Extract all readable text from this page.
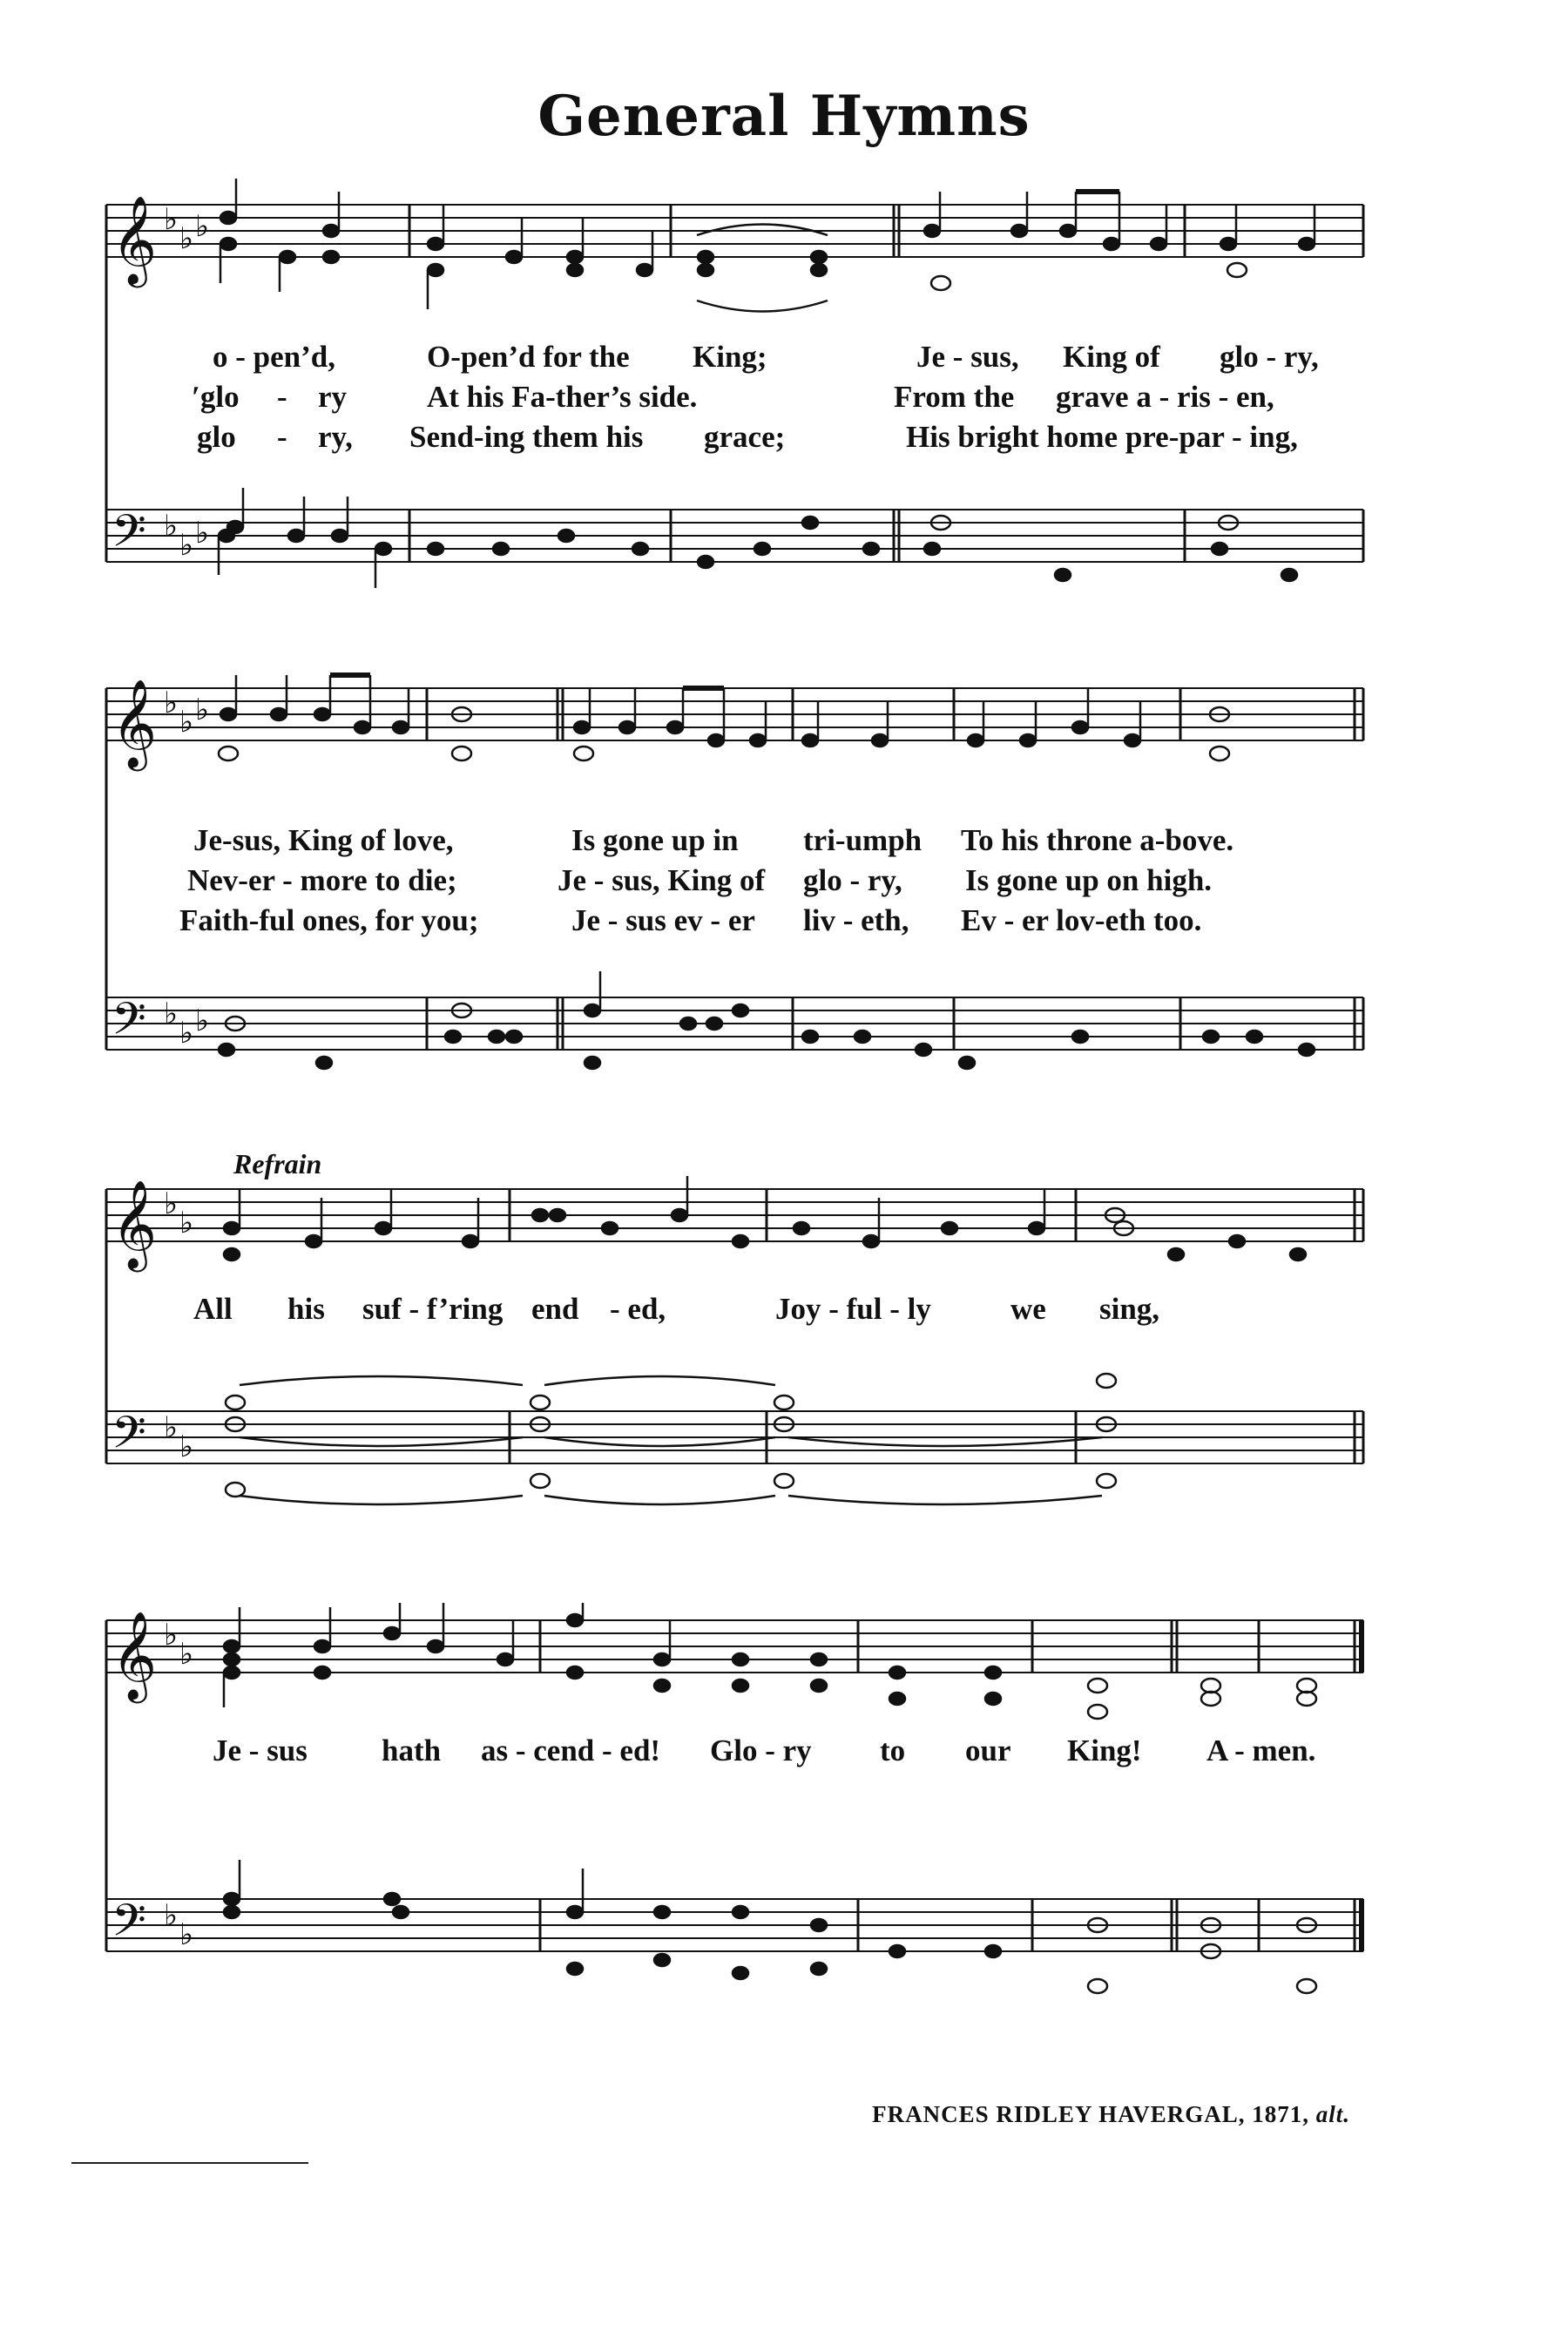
General Hymns
𝄞
𝄢
♭
♭ ♭
♭
♭ ♭
o - pen’d,	O-pen’d for the King;	Je - sus, King of glo - ry,
ʹglo - ry	At his Fa-ther’s side.	From the grave a - ris - en,
glo - ry, Send-ing them his grace;	His bright home pre-par - ing,
𝄞
𝄢
♭
♭ ♭
♭
♭ ♭
Je-sus, King of love,	Is gone up in tri-umph To his throne a-bove.
Nev-er - more to die;	Je - sus, King of glo - ry, Is gone up on high.
Faith-ful ones, for you;	Je - sus ev - er liv - eth, Ev - er lov-eth too.
Refrain
𝄞
𝄢
♭
♭
♭
♭
All his suf - f’ring end - ed,	Joy - ful - ly	we sing,
𝄞
𝄢
♭
♭
♭
♭
Je - sus hath as - cend - ed! Glo - ry to our King! A - men.
FRANCES RIDLEY HAVERGAL, 1871, alt.
